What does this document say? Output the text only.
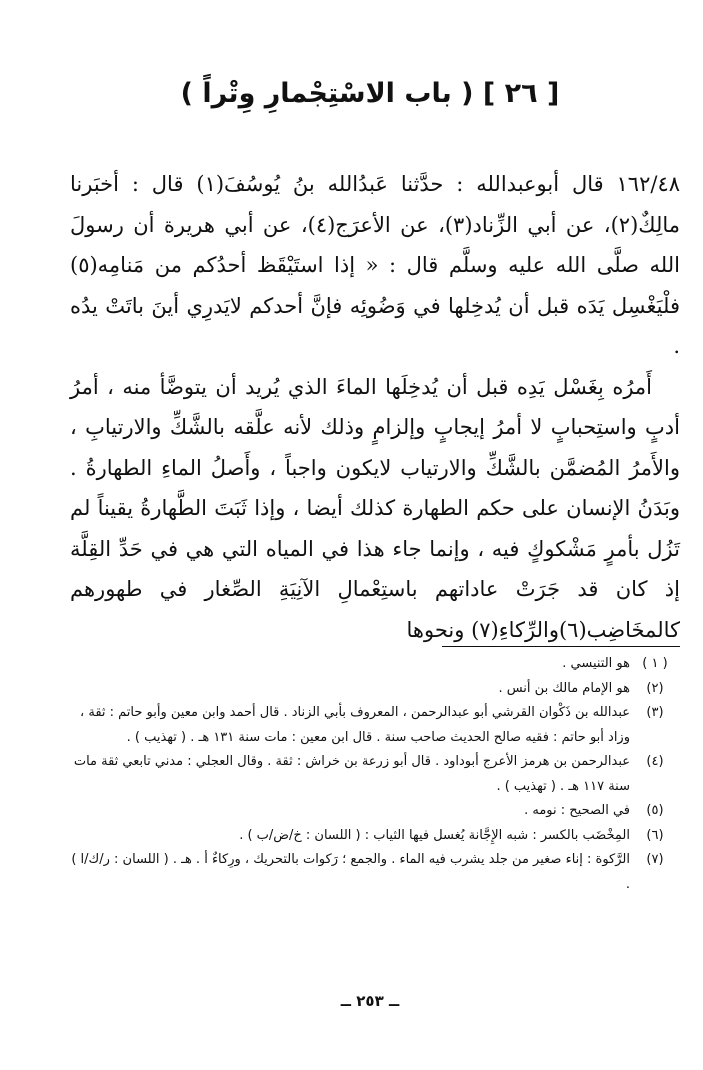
[ ٢٦ ] ( باب الاسْتِجْمارِ وِتْراً )

١٦٢/٤٨ قال أبوعبدالله : حدَّثنا عَبدُالله بنُ يُوسُفَ(١) قال : أخبَرنا مالِكٌ(٢)، عن أبي الزِّناد(٣)، عن الأعرَج(٤)، عن أبي هريرة أن رسولَ الله صلَّى الله عليه وسلَّم قال : « إذا استَيْقَظ أحدُكم من مَنامِه(٥) فلْيَغْسِل يَدَه قبل أن يُدخِلها في وَضُوئِه فإنَّ أحدكم لايَدرِي أينَ باتَتْ يدُه .

أَمرُه بِغَسْل يَدِه قبل أن يُدخِلَها الماءَ الذي يُريد أن يتوضَّأ منه ، أمرُ أدبٍ واستِحبابٍ لا أمرُ إيجابٍ وإلزامٍ وذلك لأنه علَّقه بالشَّكِّ والارتيابِ ، والأَمرُ المُضمَّن بالشَّكِّ والارتياب لايكون واجباً ، وأَصلُ الماءِ الطهارةُ . وبَدَنُ الإنسان على حكم الطهارة كذلك أيضا ، وإذا ثَبَتَ الطَّهارةُ يقيناً لم تَزُل بأمرٍ مَشْكوكٍ فيه ، وإنما جاء هذا في المياه التي هي في حَدِّ القِلَّة إذ كان قد جَرَتْ عاداتهم باستِعْمالِ الآنِيَةِ الصِّغار في طهورهم كالمخَاضِب(٦)والرِّكاءِ(٧) ونحوها

( ١ )
هو التنيسي .
(٢)
هو الإمام مالك بن أنس .
(٣)
عبدالله بن ذَكْوان القرشي أبو عبدالرحمن ، المعروف بأبي الزناد . قال أحمد وابن معين وأبو حاتم : ثقة ، وزاد أبو حاتم : فقيه صالح الحديث صاحب سنة . قال ابن معين : مات سنة ١٣١ هـ . ( تهذيب ) .
(٤)
عبدالرحمن بن هرمز الأعرج أبوداود . قال أبو زرعة بن خراش : ثقة . وقال العجلي : مدني تابعي ثقة مات سنة ١١٧ هـ . ( تهذيب ) .
(٥)
في الصحيح : نومه .
(٦)
المِخْضَب بالكسر : شبه الإِجَّانة يُغسل فيها الثياب : ( اللسان : خ/ض/ب ) .
(٧)
الرَّكوة : إناء صغير من جلد يشرب فيه الماء . والجمع ؛ رَكوات بالتحريك ، ورِكاءٌ أ . هـ . ( اللسان : ر/ك/ا ) .
ــ ٢٥٣ ــ
